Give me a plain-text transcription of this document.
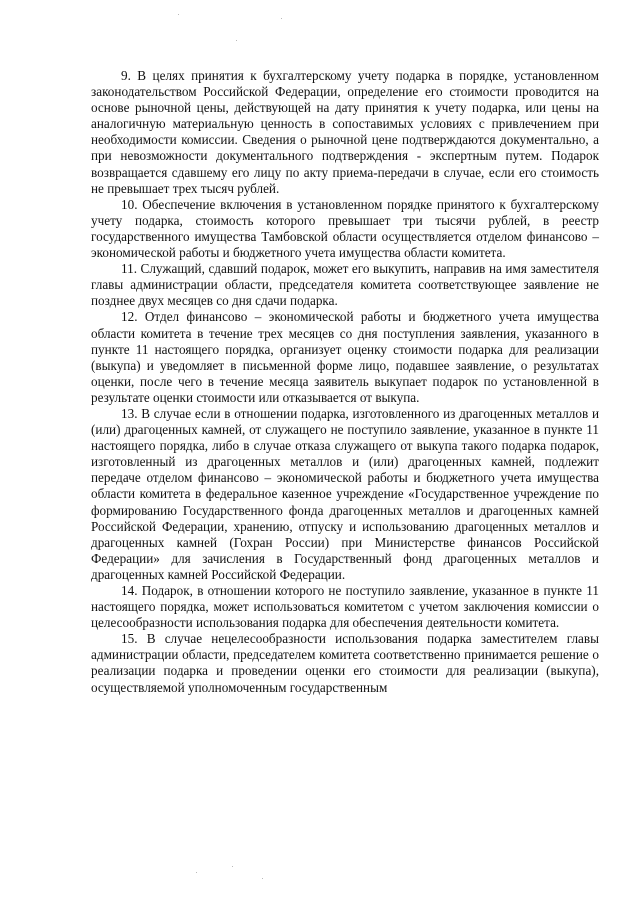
9. В целях принятия к бухгалтерскому учету подарка в порядке, установленном законодательством Российской Федерации, определение его стоимости проводится на основе рыночной цены, действующей на дату принятия к учету подарка, или цены на аналогичную материальную ценность в сопоставимых условиях с привлечением при необходимости комиссии. Сведения о рыночной цене подтверждаются документально, а при невозможности документального подтверждения - экспертным путем. Подарок возвращается сдавшему его лицу по акту приема-передачи в случае, если его стоимость не превышает трех тысяч рублей.

10. Обеспечение включения в установленном порядке принятого к бухгалтерскому учету подарка, стоимость которого превышает три тысячи рублей, в реестр государственного имущества Тамбовской области осуществляется отделом финансово – экономической работы и бюджетного учета имущества области комитета.

11. Служащий, сдавший подарок, может его выкупить, направив на имя заместителя главы администрации области, председателя комитета соответствующее заявление не позднее двух месяцев со дня сдачи подарка.

12. Отдел финансово – экономической работы и бюджетного учета имущества области комитета в течение трех месяцев со дня поступления заявления, указанного в пункте 11 настоящего порядка, организует оценку стоимости подарка для реализации (выкупа) и уведомляет в письменной форме лицо, подавшее заявление, о результатах оценки, после чего в течение месяца заявитель выкупает подарок по установленной в результате оценки стоимости или отказывается от выкупа.

13. В случае если в отношении подарка, изготовленного из драгоценных металлов и (или) драгоценных камней, от служащего не поступило заявление, указанное в пункте 11 настоящего порядка, либо в случае отказа служащего от выкупа такого подарка подарок, изготовленный из драгоценных металлов и (или) драгоценных камней, подлежит передаче отделом финансово – экономической работы и бюджетного учета имущества области комитета в федеральное казенное учреждение «Государственное учреждение по формированию Государственного фонда драгоценных металлов и драгоценных камней Российской Федерации, хранению, отпуску и использованию драгоценных металлов и драгоценных камней (Гохран России) при Министерстве финансов Российской Федерации» для зачисления в Государственный фонд драгоценных металлов и драгоценных камней Российской Федерации.

14. Подарок, в отношении которого не поступило заявление, указанное в пункте 11 настоящего порядка, может использоваться комитетом с учетом заключения комиссии о целесообразности использования подарка для обеспечения деятельности комитета.

15. В случае нецелесообразности использования подарка заместителем главы администрации области, председателем комитета соответственно принимается решение о реализации подарка и проведении оценки его стоимости для реализации (выкупа), осуществляемой уполномоченным государственным
